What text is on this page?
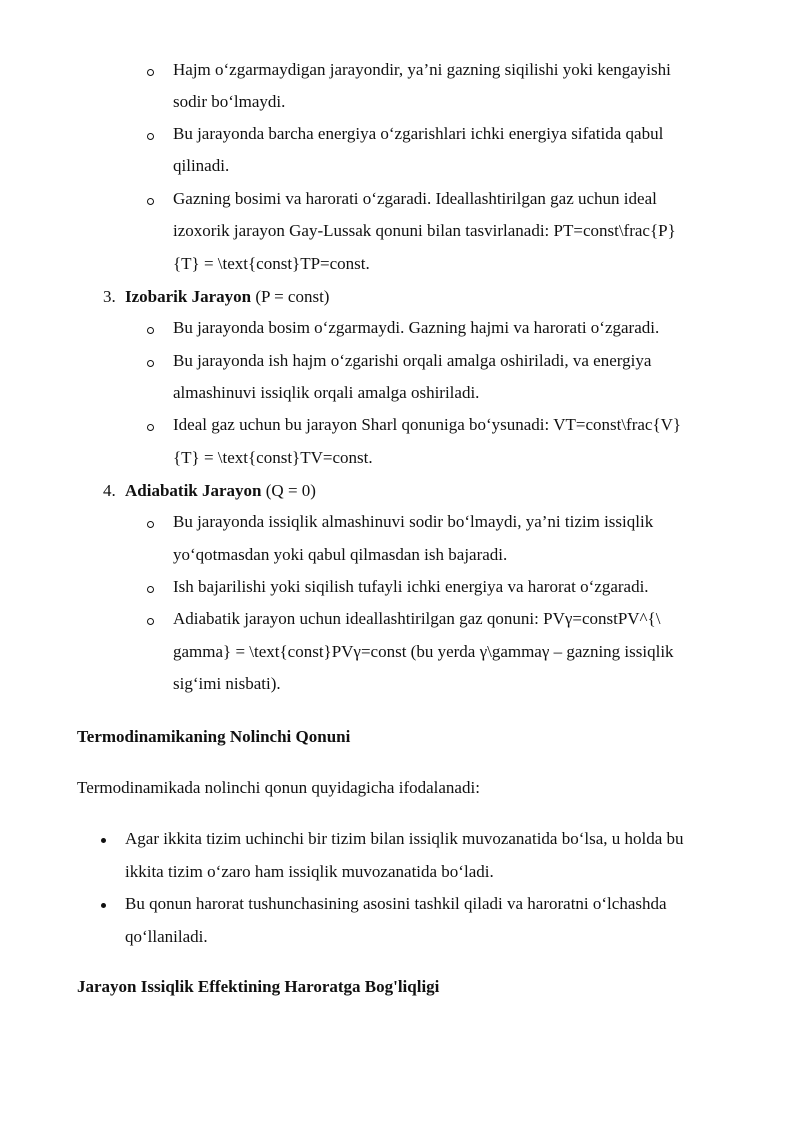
Hajm o‘zgarmaydigan jarayondir, ya’ni gazning siqilishi yoki kengayishi
sodir bo‘lmaydi.
Bu jarayonda barcha energiya o‘zgarishlari ichki energiya sifatida qabul
qilinadi.
Gazning bosimi va harorati o‘zgaradi. Ideallashtirilgan gaz uchun ideal
izoxorik jarayon Gay-Lussak qonuni bilan tasvirlanadi: PT=const\frac{P}
{T} = \text{const}TP=const.
3. Izobarik Jarayon (P = const)
Bu jarayonda bosim o‘zgarmaydi. Gazning hajmi va harorati o‘zgaradi.
Bu jarayonda ish hajm o‘zgarishi orqali amalga oshiriladi, va energiya
almashinuvi issiqlik orqali amalga oshiriladi.
Ideal gaz uchun bu jarayon Sharl qonuniga bo‘ysunadi: VT=const\frac{V}
{T} = \text{const}TV=const.
4. Adiabatik Jarayon (Q = 0)
Bu jarayonda issiqlik almashinuvi sodir bo‘lmaydi, ya’ni tizim issiqlik
yo‘qotmasdan yoki qabul qilmasdan ish bajaradi.
Ish bajarilishi yoki siqilish tufayli ichki energiya va harorat o‘zgaradi.
Adiabatik jarayon uchun ideallashtirilgan gaz qonuni: PVγ=constPV^{\
gamma} = \text{const}PVγ=const (bu yerda γ\gammaγ – gazning issiqlik
sig‘imi nisbati).
Termodinamikaning Nolinchi Qonuni
Termodinamikada nolinchi qonun quyidagicha ifodalanadi:
Agar ikkita tizim uchinchi bir tizim bilan issiqlik muvozanatida bo‘lsa, u holda bu
ikkita tizim o‘zaro ham issiqlik muvozanatida bo‘ladi.
Bu qonun harorat tushunchasining asosini tashkil qiladi va haroratni o‘lchashda
qo‘llaniladi.
Jarayon Issiqlik Effektining Haroratga Bog'liqligi
